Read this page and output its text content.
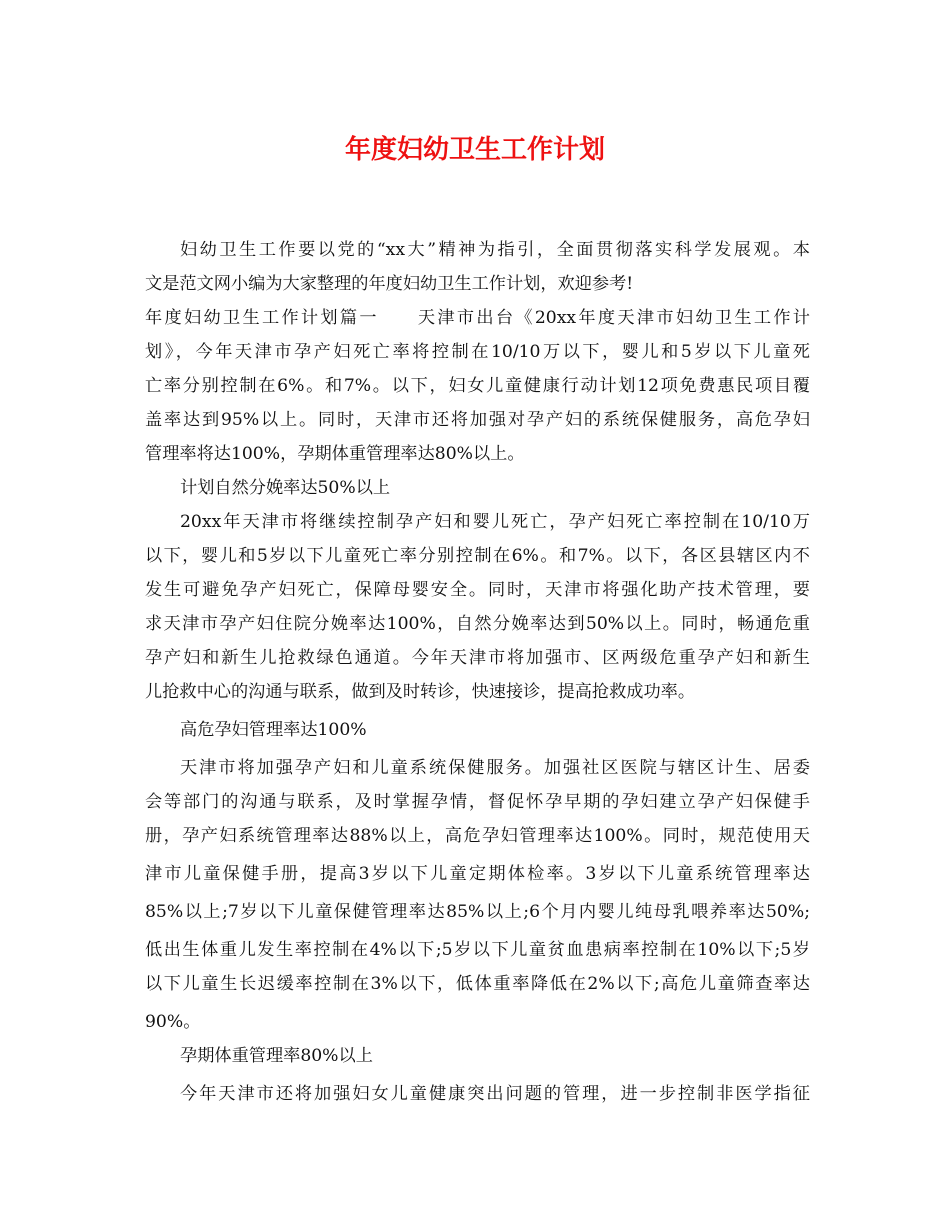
年度妇幼卫生工作计划
妇幼卫生工作要以党的“xx大”精神为指引，全面贯彻落实科学发展观。本
文是范文网小编为大家整理的年度妇幼卫生工作计划，欢迎参考!
年度妇幼卫生工作计划篇一　　天津市出台《20xx年度天津市妇幼卫生工作计
划》，今年天津市孕产妇死亡率将控制在10/10万以下，婴儿和5岁以下儿童死
亡率分别控制在6%。和7%。以下，妇女儿童健康行动计划12项免费惠民项目覆
盖率达到95%以上。同时，天津市还将加强对孕产妇的系统保健服务，高危孕妇
管理率将达100%，孕期体重管理率达80%以上。
计划自然分娩率达50%以上
20xx年天津市将继续控制孕产妇和婴儿死亡，孕产妇死亡率控制在10/10万
以下，婴儿和5岁以下儿童死亡率分别控制在6%。和7%。以下，各区县辖区内不
发生可避免孕产妇死亡，保障母婴安全。同时，天津市将强化助产技术管理，要
求天津市孕产妇住院分娩率达100%，自然分娩率达到50%以上。同时，畅通危重
孕产妇和新生儿抢救绿色通道。今年天津市将加强市、区两级危重孕产妇和新生
儿抢救中心的沟通与联系，做到及时转诊，快速接诊，提高抢救成功率。
高危孕妇管理率达100%
天津市将加强孕产妇和儿童系统保健服务。加强社区医院与辖区计生、居委
会等部门的沟通与联系，及时掌握孕情，督促怀孕早期的孕妇建立孕产妇保健手
册，孕产妇系统管理率达88%以上，高危孕妇管理率达100%。同时，规范使用天
津市儿童保健手册，提高3岁以下儿童定期体检率。3岁以下儿童系统管理率达
85%以上;7岁以下儿童保健管理率达85%以上;6个月内婴儿纯母乳喂养率达50%;
低出生体重儿发生率控制在4%以下;5岁以下儿童贫血患病率控制在10%以下;5岁
以下儿童生长迟缓率控制在3%以下，低体重率降低在2%以下;高危儿童筛查率达
90%。
孕期体重管理率80%以上
今年天津市还将加强妇女儿童健康突出问题的管理，进一步控制非医学指征
